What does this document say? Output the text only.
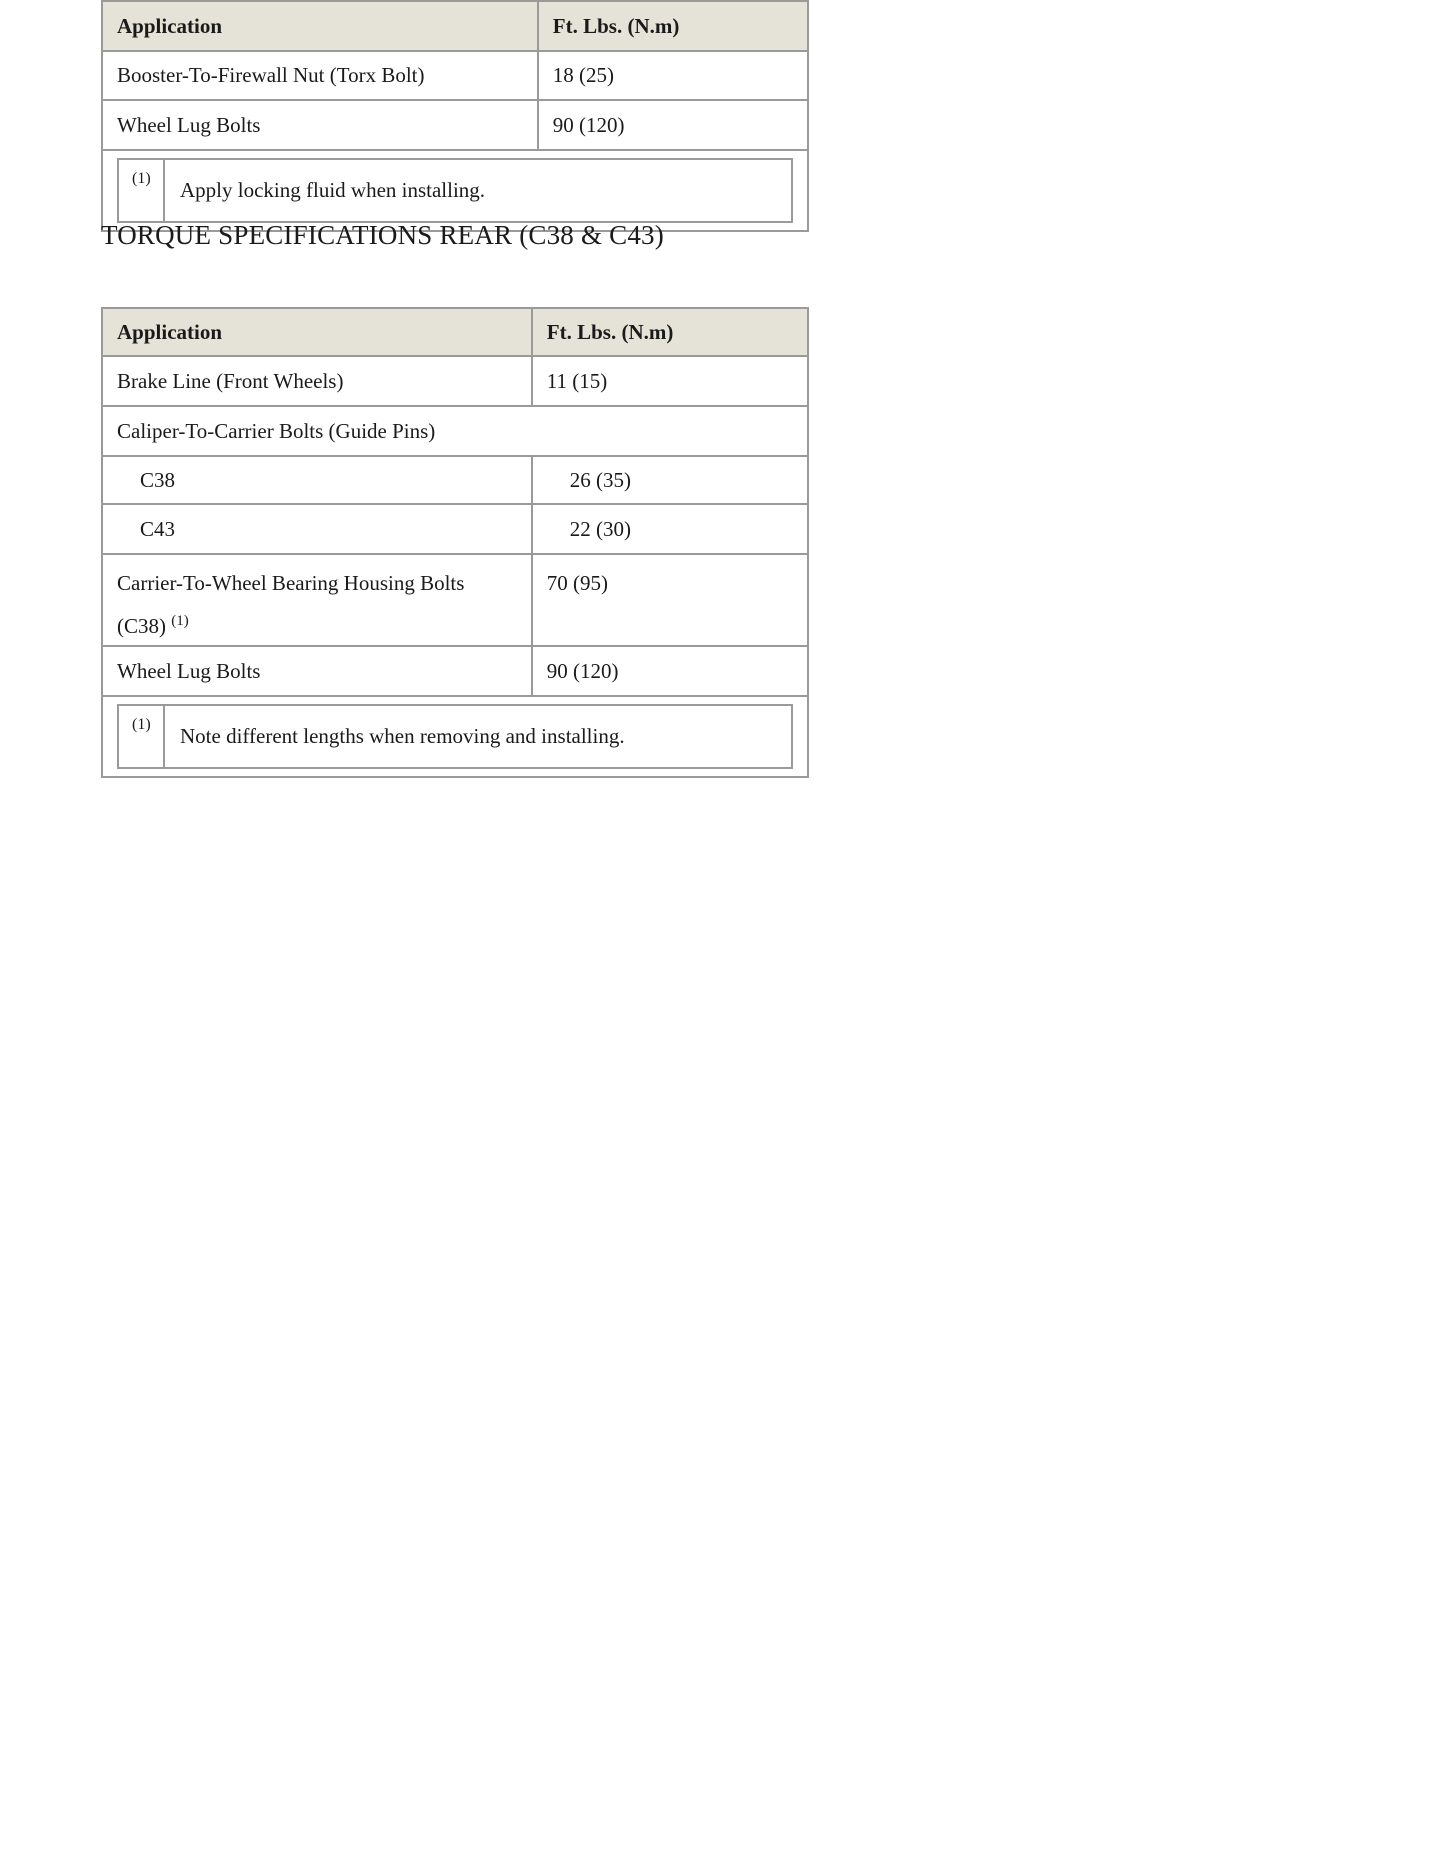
Application	Ft. Lbs. (N.m)
Booster-To-Firewall Nut (Torx Bolt)	18 (25)
Wheel Lug Bolts	90 (120)

(1)	Apply locking fluid when installing.
TORQUE SPECIFICATIONS REAR (C38 & C43)
Application	Ft. Lbs. (N.m)
Brake Line (Front Wheels)	11 (15)
Caliper-To-Carrier Bolts (Guide Pins)
C38	26 (35)
C43	22 (30)
Carrier-To-Wheel Bearing Housing Bolts (C38) $^{(1)}$	70 (95)
Wheel Lug Bolts	90 (120)

(1)	Note different lengths when removing and installing.
